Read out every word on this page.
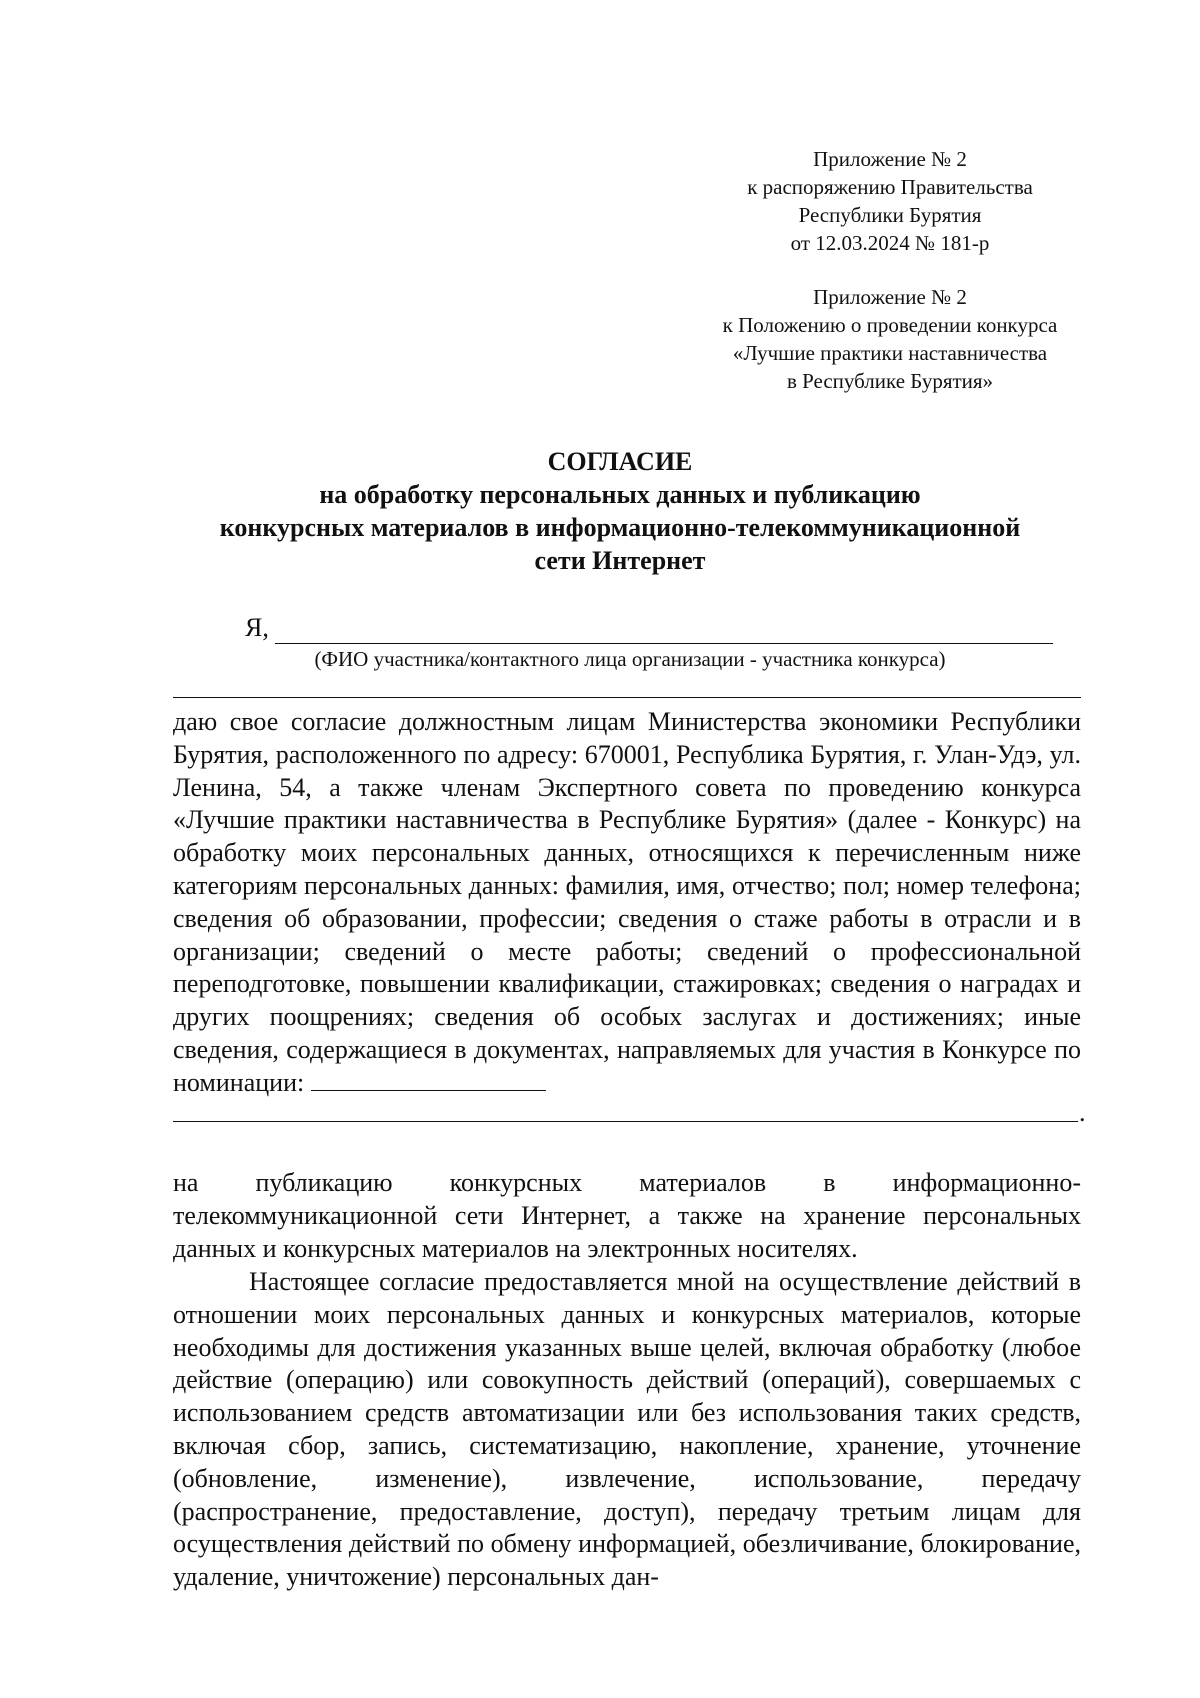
Приложение № 2
к распоряжению Правительства
Республики Бурятия
от 12.03.2024 № 181-р
Приложение № 2
к Положению о проведении конкурса
«Лучшие практики наставничества
в Республике Бурятия»
СОГЛАСИЕ
на обработку персональных данных и публикацию
конкурсных материалов в информационно-телекоммуникационной
сети Интернет
Я,
(ФИО участника/контактного лица организации - участника конкурса)
даю свое согласие должностным лицам Министерства экономики Республики Бурятия, расположенного по адресу: 670001, Республика Бурятия, г. Улан-Удэ, ул. Ленина, 54, а также членам Экспертного совета по проведению конкурса «Лучшие практики наставничества в Республике Бурятия» (далее - Конкурс) на обработку моих персональных данных, относящихся к перечисленным ниже категориям персональных данных: фамилия, имя, отчество; пол; номер телефона; сведения об образовании, профессии; сведения о стаже работы в отрасли и в организации; сведений о месте работы; сведений о профессиональной переподготовке, повышении квалификации, стажировках; сведения о наградах и других поощрениях; сведения об особых заслугах и достижениях; иные сведения, содержащиеся в документах, направляемых для участия в Конкурсе по номинации:
.
на публикацию конкурсных материалов в информационно-телекоммуникационной сети Интернет, а также на хранение персональных данных и конкурсных материалов на электронных носителях.
Настоящее согласие предоставляется мной на осуществление действий в отношении моих персональных данных и конкурсных материалов, которые необходимы для достижения указанных выше целей, включая обработку (любое действие (операцию) или совокупность действий (операций), совершаемых с использованием средств автоматизации или без использования таких средств, включая сбор, запись, систематизацию, накопление, хранение, уточнение (обновление, изменение), извлечение, использование, передачу (распространение, предоставление, доступ), передачу третьим лицам для осуществления действий по обмену информацией, обезличивание, блокирование, удаление, уничтожение) персональных дан-
